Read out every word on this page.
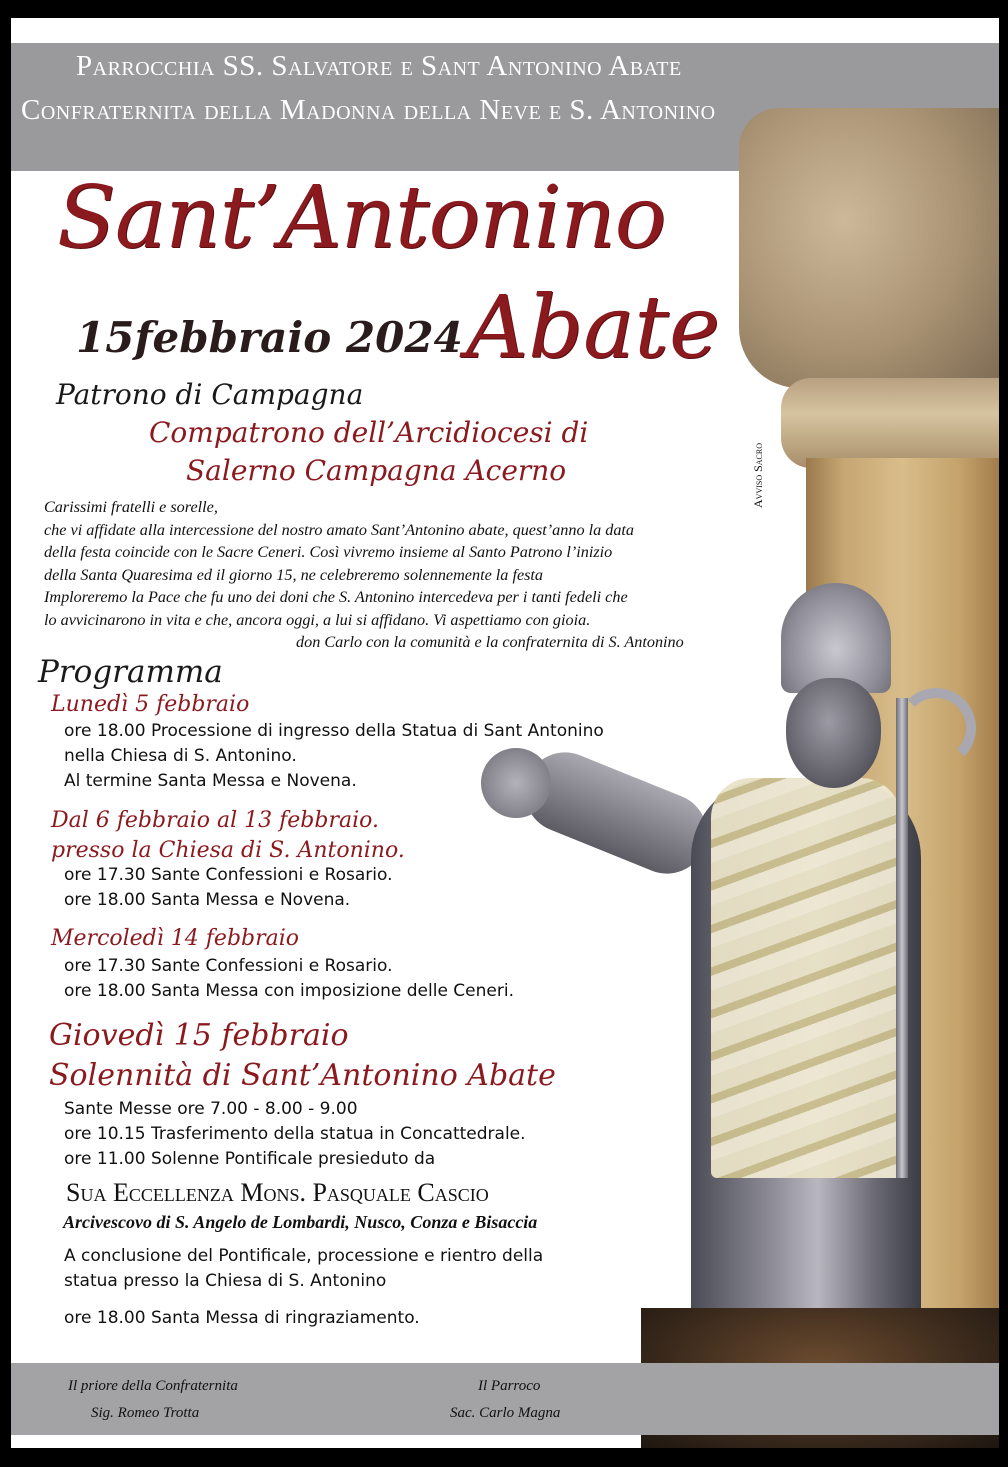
Parrocchia SS. Salvatore e Sant Antonino Abate
Confraternita della Madonna della Neve e S. Antonino
Sant’Antonino
Abate
15febbraio 2024
Patrono di Campagna
Compatrono dell’Arcidiocesi di
Salerno Campagna Acerno	Avviso Sacro
Carissimi fratelli e sorelle,
che vi affidate alla intercessione del nostro amato Sant’Antonino abate, quest’anno la data
della festa coincide con le Sacre Ceneri. Così vivremo insieme al Santo Patrono l’inizio
della Santa Quaresima ed il giorno 15, ne celebreremo solennemente la festa
Imploreremo la Pace che fu uno dei doni che S. Antonino intercedeva per i tanti fedeli che
lo avvicinarono in vita e che, ancora oggi, a lui si affidano. Vi aspettiamo con gioia.
don Carlo con la comunità e la confraternita di S. Antonino
Programma
Lunedì 5 febbraio
ore 18.00 Processione di ingresso della Statua di Sant Antonino
nella Chiesa di S. Antonino.
Al termine Santa Messa e Novena.
Dal 6 febbraio al 13 febbraio.
presso la Chiesa di S. Antonino.
ore 17.30 Sante Confessioni e Rosario.
ore 18.00 Santa Messa e Novena.
Mercoledì 14 febbraio
ore 17.30 Sante Confessioni e Rosario.
ore 18.00 Santa Messa con imposizione delle Ceneri.
Giovedì 15 febbraio
Solennità di Sant’Antonino Abate
Sante Messe ore 7.00 - 8.00 - 9.00
ore 10.15 Trasferimento della statua in Concattedrale.
ore 11.00 Solenne Pontificale presieduto da
Sua Eccellenza Mons. Pasquale Cascio
Arcivescovo di S. Angelo de Lombardi, Nusco, Conza e Bisaccia
A conclusione del Pontificale, processione e rientro della
statua presso la Chiesa di S. Antonino
ore 18.00 Santa Messa di ringraziamento.
Il priore della Confraternita
Sig. Romeo Trotta
Il Parroco
Sac. Carlo Magna
